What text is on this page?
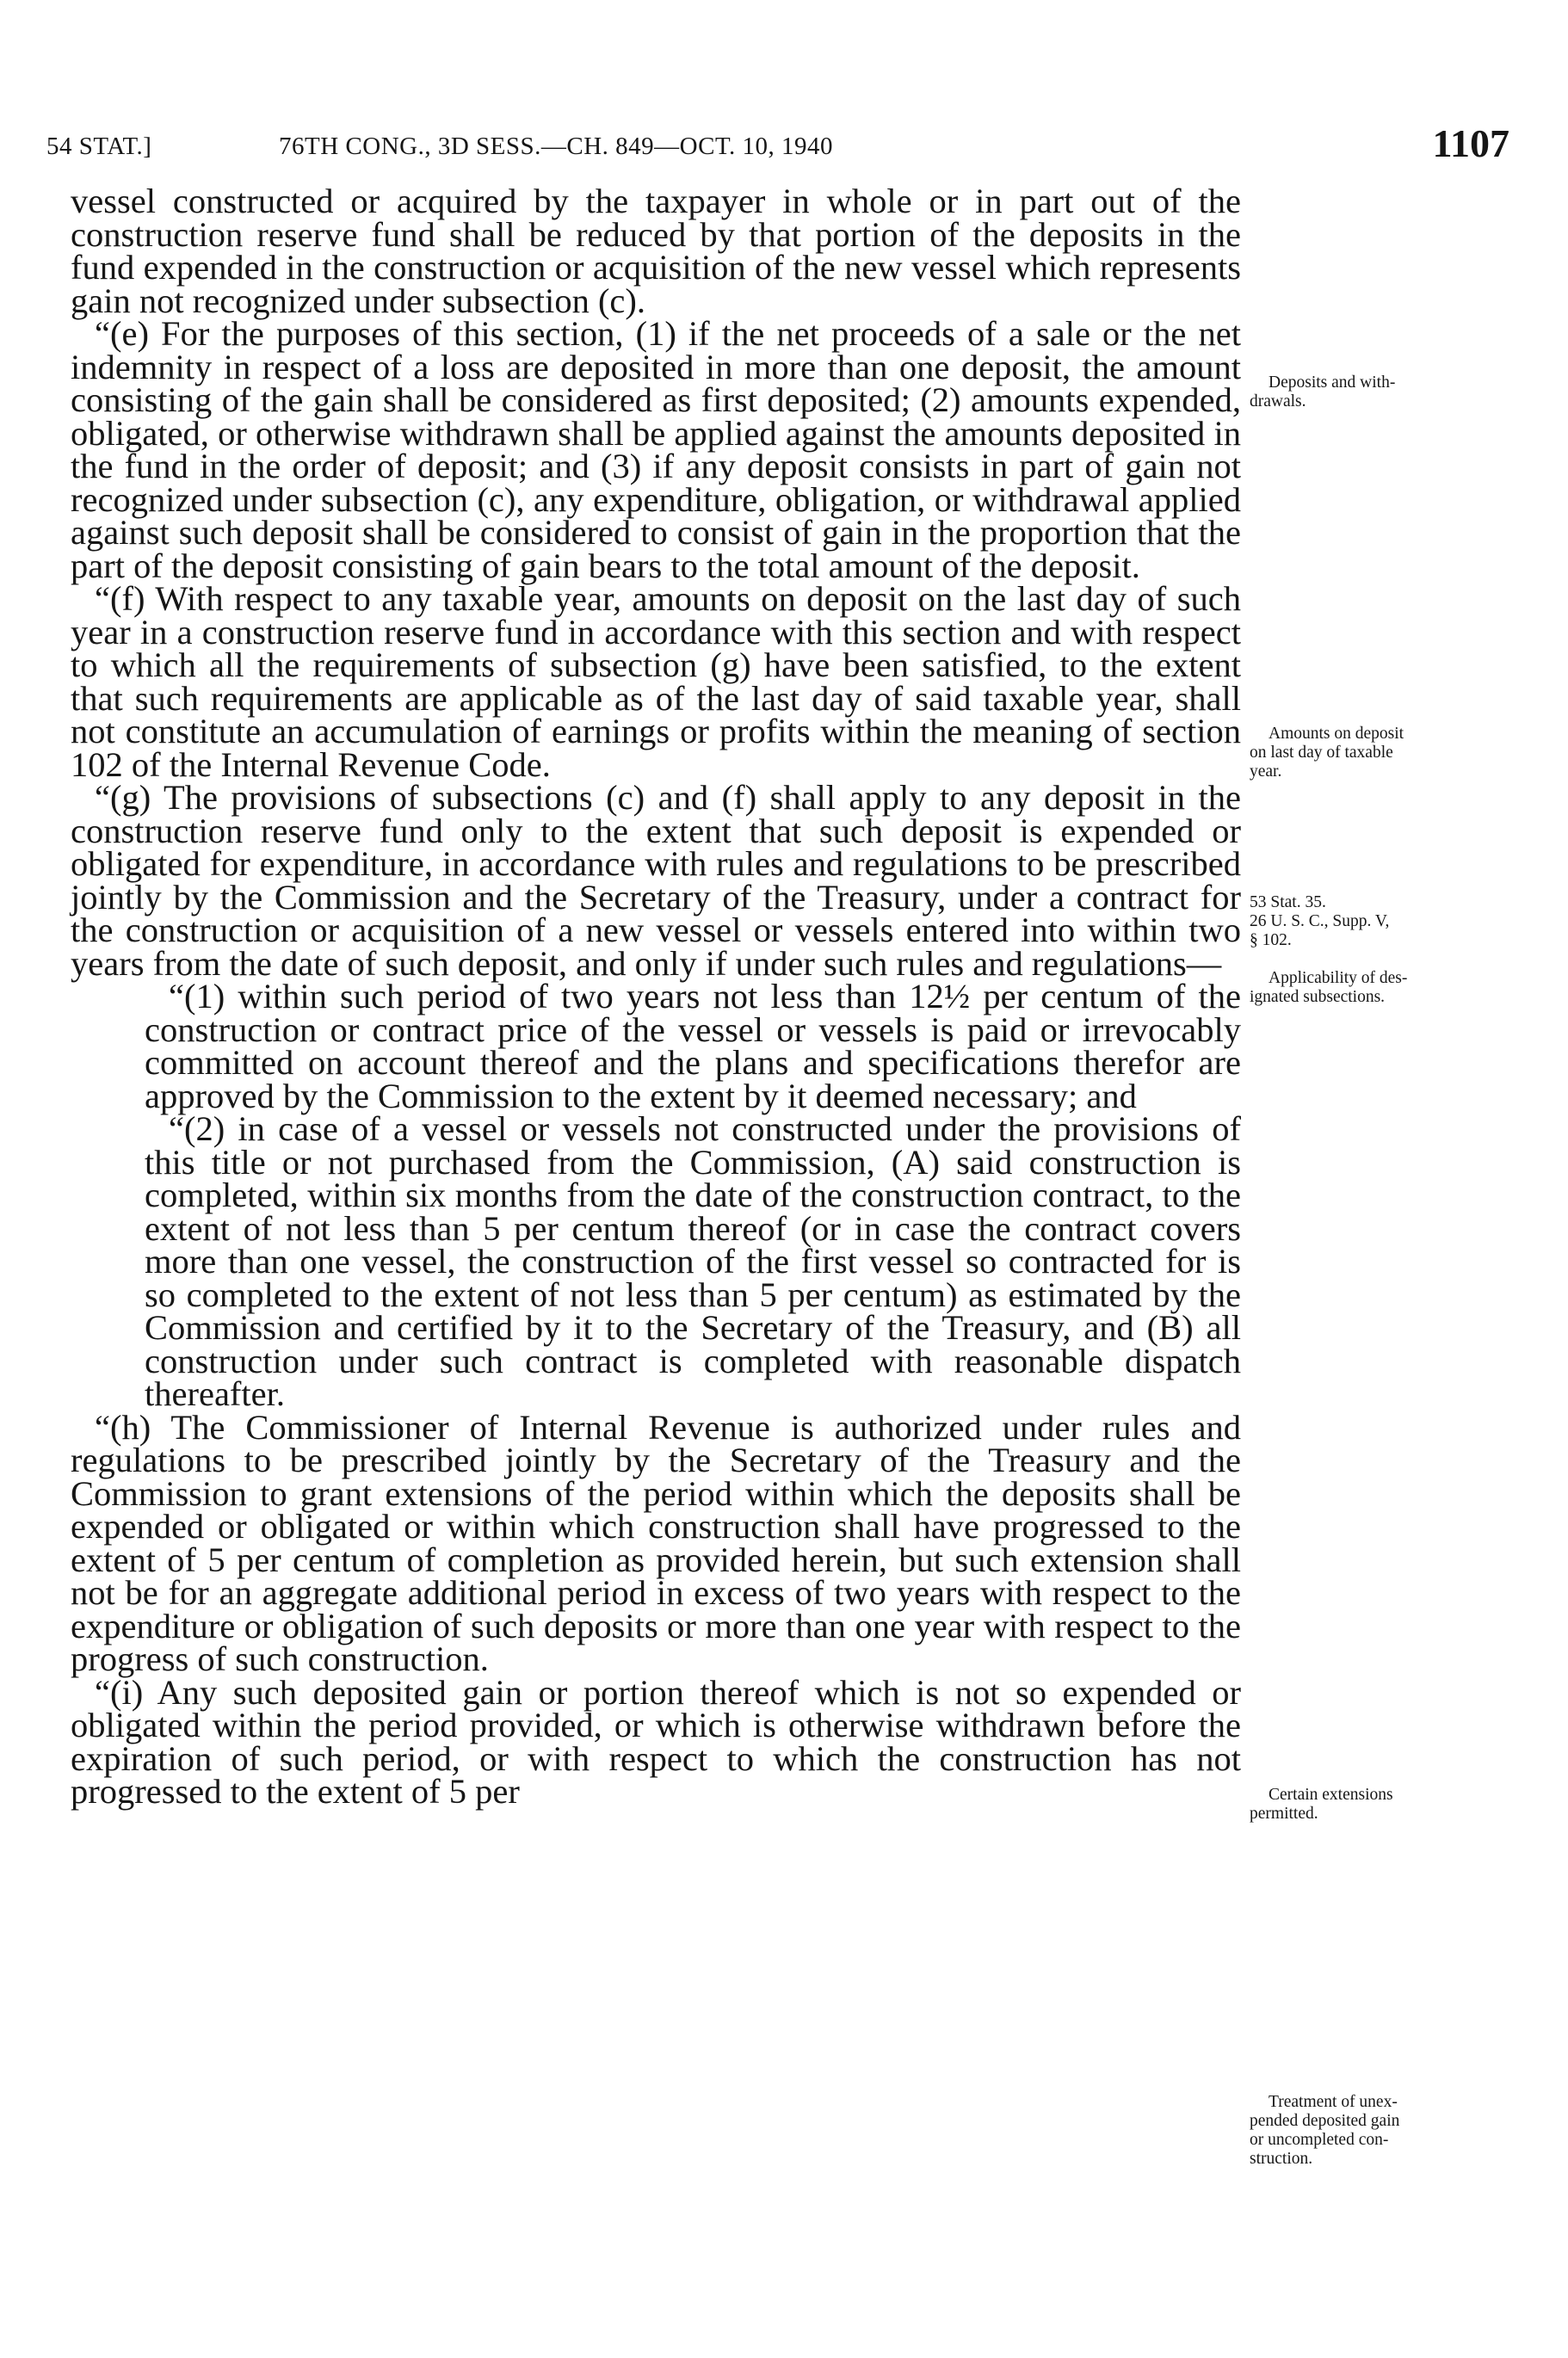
54 STAT.]	76TH CONG., 3D SESS.—CH. 849—OCT. 10, 1940	1107

vessel constructed or acquired by the taxpayer in whole or in part out of the construction reserve fund shall be reduced by that portion of the deposits in the fund expended in the construction or acquisition of the new vessel which represents gain not recognized under subsection (c).

“(e) For the purposes of this section, (1) if the net proceeds of a sale or the net indemnity in respect of a loss are deposited in more than one deposit, the amount consisting of the gain shall be considered as first deposited; (2) amounts expended, obligated, or otherwise withdrawn shall be applied against the amounts deposited in the fund in the order of deposit; and (3) if any deposit consists in part of gain not recognized under subsection (c), any expenditure, obligation, or withdrawal applied against such deposit shall be considered to consist of gain in the proportion that the part of the deposit consisting of gain bears to the total amount of the deposit.

“(f) With respect to any taxable year, amounts on deposit on the last day of such year in a construction reserve fund in accordance with this section and with respect to which all the requirements of subsection (g) have been satisfied, to the extent that such requirements are applicable as of the last day of said taxable year, shall not constitute an accumulation of earnings or profits within the meaning of section 102 of the Internal Revenue Code.

“(g) The provisions of subsections (c) and (f) shall apply to any deposit in the construction reserve fund only to the extent that such deposit is expended or obligated for expenditure, in accordance with rules and regulations to be prescribed jointly by the Commission and the Secretary of the Treasury, under a contract for the construction or acquisition of a new vessel or vessels entered into within two years from the date of such deposit, and only if under such rules and regulations—

“(1) within such period of two years not less than 12½ per centum of the construction or contract price of the vessel or vessels is paid or irrevocably committed on account thereof and the plans and specifications therefor are approved by the Commission to the extent by it deemed necessary; and

“(2) in case of a vessel or vessels not constructed under the provisions of this title or not purchased from the Commission, (A) said construction is completed, within six months from the date of the construction contract, to the extent of not less than 5 per centum thereof (or in case the contract covers more than one vessel, the construction of the first vessel so contracted for is so completed to the extent of not less than 5 per centum) as estimated by the Commission and certified by it to the Secretary of the Treasury, and (B) all construction under such contract is completed with reasonable dispatch thereafter.

“(h) The Commissioner of Internal Revenue is authorized under rules and regulations to be prescribed jointly by the Secretary of the Treasury and the Commission to grant extensions of the period within which the deposits shall be expended or obligated or within which construction shall have progressed to the extent of 5 per centum of completion as provided herein, but such extension shall not be for an aggregate additional period in excess of two years with respect to the expenditure or obligation of such deposits or more than one year with respect to the progress of such construction.

“(i) Any such deposited gain or portion thereof which is not so expended or obligated within the period provided, or which is otherwise withdrawn before the expiration of such period, or with respect to which the construction has not progressed to the extent of 5 per

Deposits and with-
drawals.
Amounts on deposit
on last day of taxable
year.
53 Stat. 35.
26 U. S. C., Supp. V,
§ 102.
Applicability of des-
ignated subsections.
Certain extensions
permitted.
Treatment of unex-
pended deposited gain
or uncompleted con-
struction.
